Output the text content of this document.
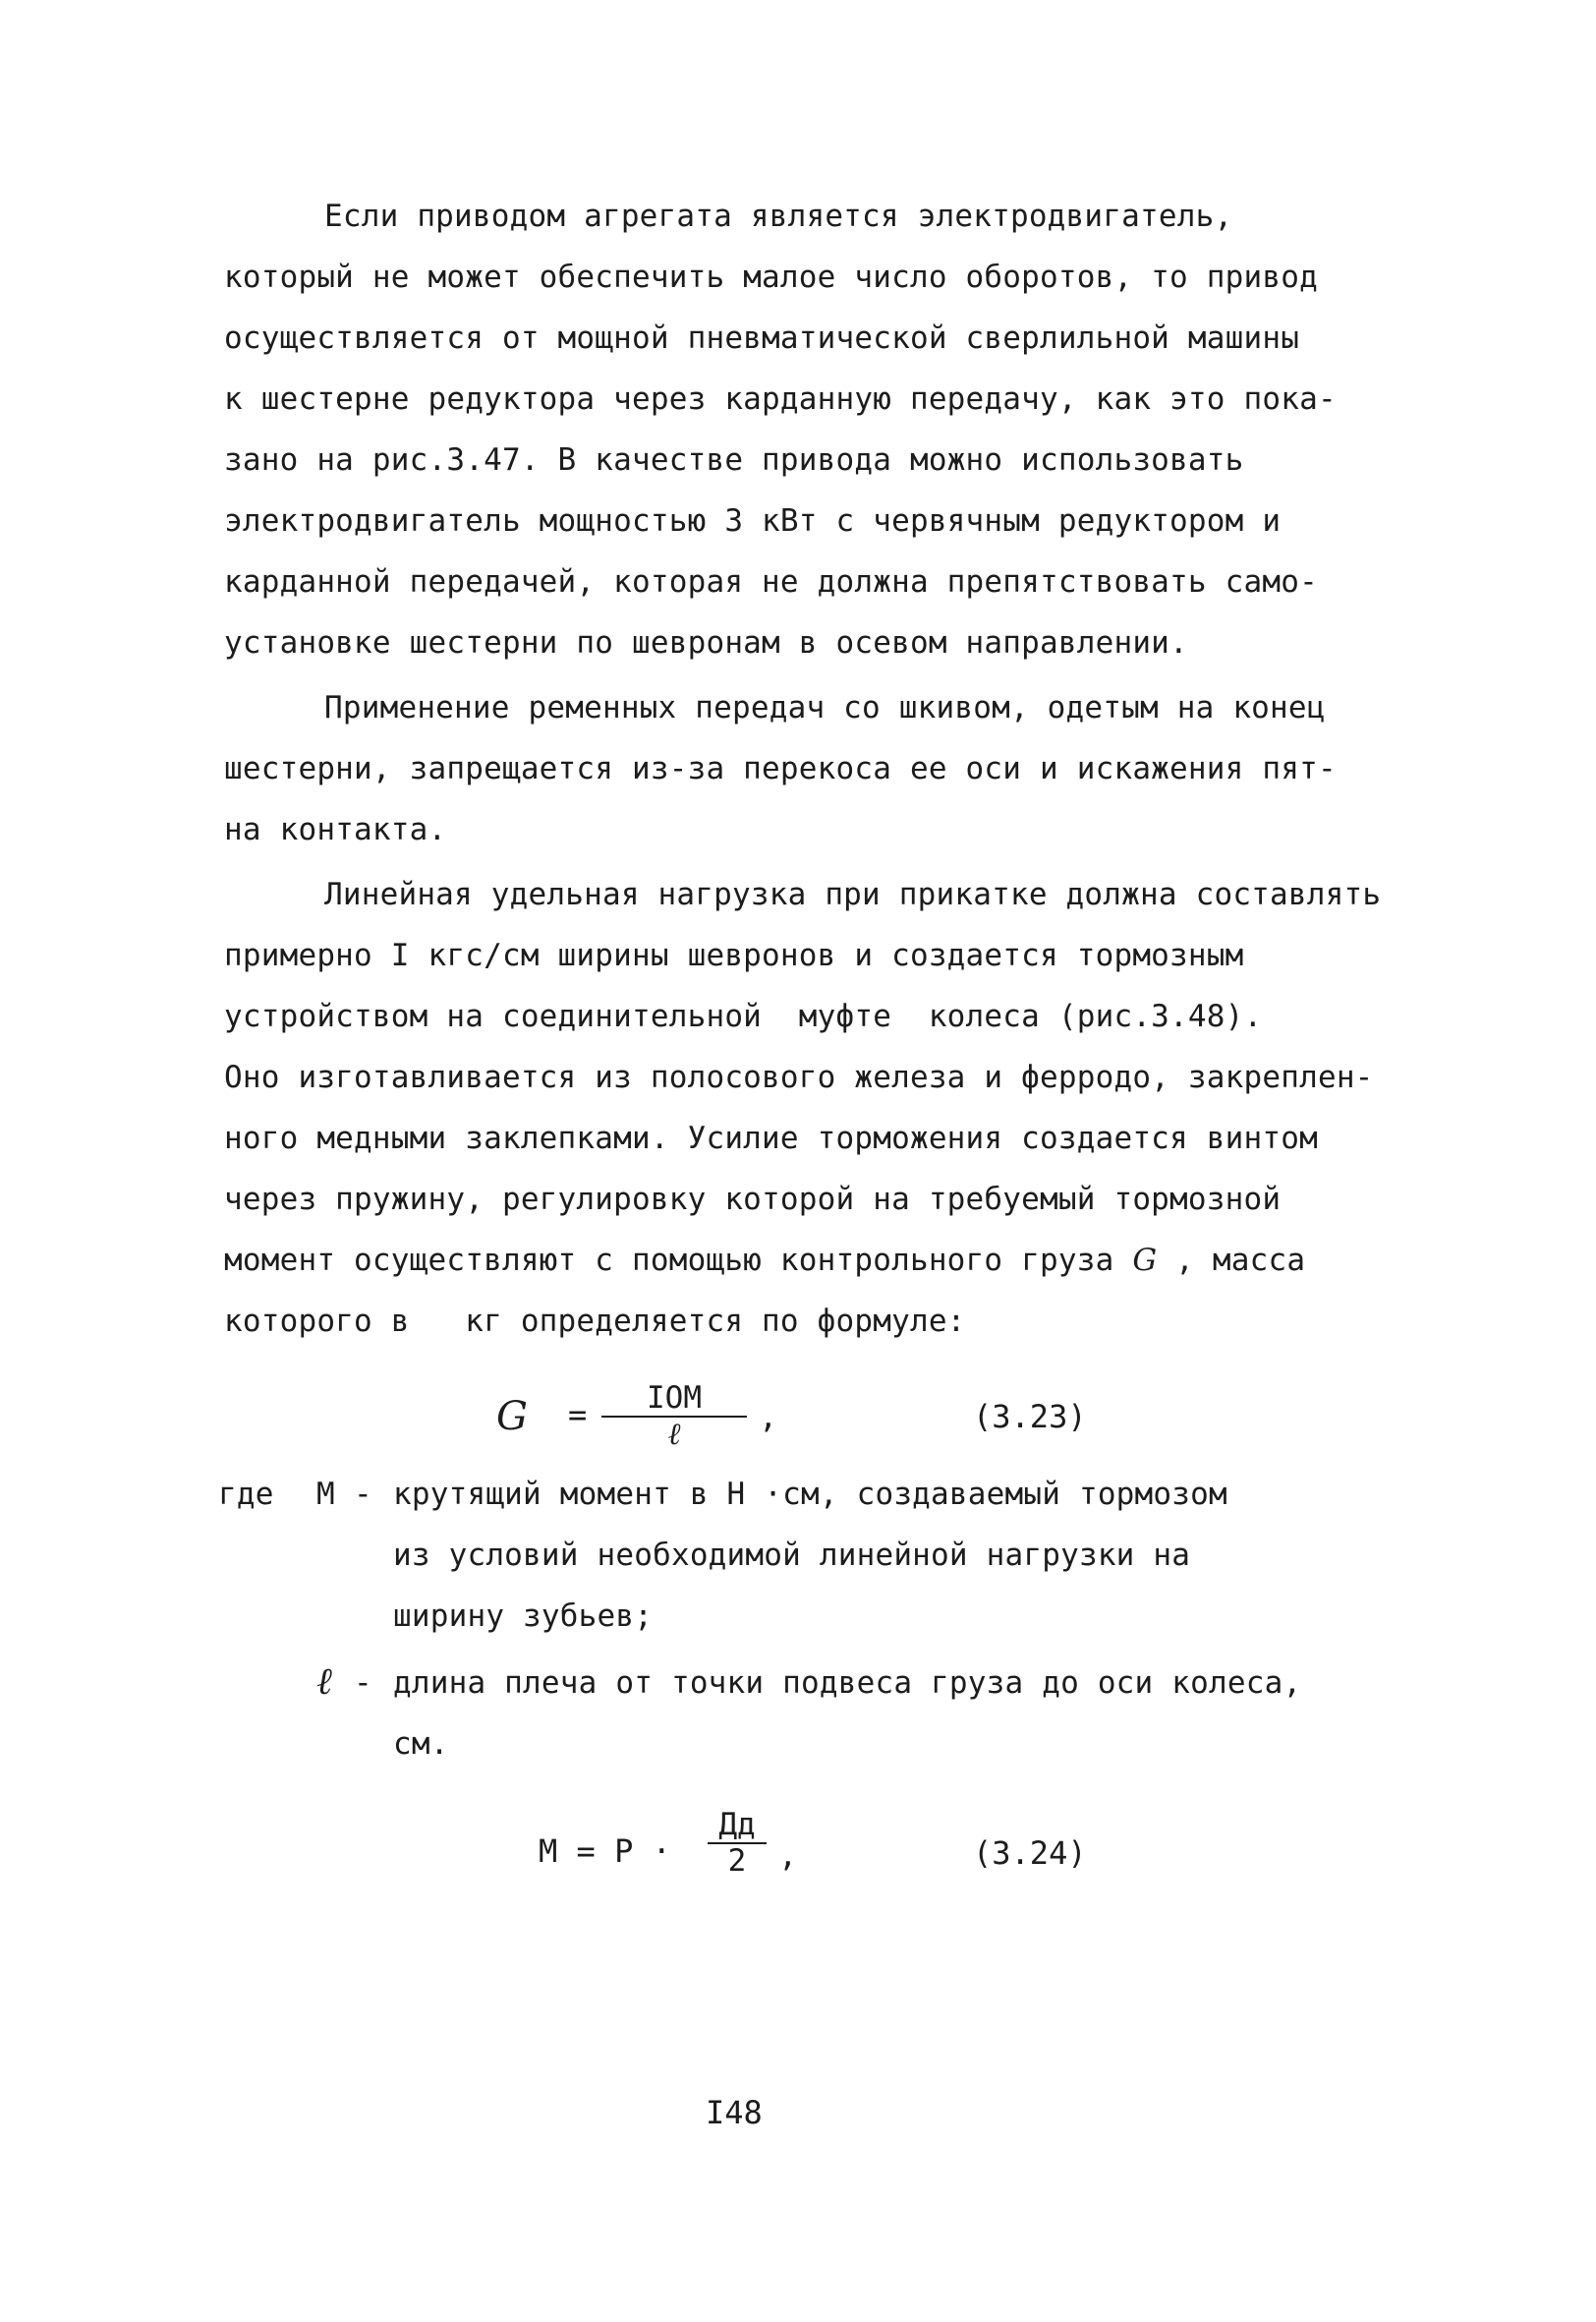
Если приводом агрегата является электродвигатель,
который не может обеспечить малое число оборотов, то привод
осуществляется от мощной пневматической сверлильной машины
к шестерне редуктора через карданную передачу, как это пока-
зано на рис.3.47. В качестве привода можно использовать
электродвигатель мощностью 3 кВт с червячным редуктором и
карданной передачей, которая не должна препятствовать само-
установке шестерни по шевронам в осевом направлении.
Применение ременных передач со шкивом, одетым на конец
шестерни, запрещается из-за перекоса ее оси и искажения пят-
на контакта.
Линейная удельная нагрузка при прикатке должна составлять
примерно I кгс/см ширины шевронов и создается тормозным
устройством на соединительной  муфте  колеса (рис.3.48).
Оно изготавливается из полосового железа и ферродо, закреплен-
ного медными заклепками. Усилие торможения создается винтом
через пружину, регулировку которой на требуемый тормозной
момент осуществляют с помощью контрольного груза G , масса
которого в   кг определяется по формуле:
G = IOM
ℓ ,	(3.23)
где М - крутящий момент в Н ·см, создаваемый тормозом
из условий необходимой линейной нагрузки на
ширину зубьев;
ℓ - длина плеча от точки подвеса груза до оси колеса,
см.
М = Р ·
Дд
2 ,	(3.24)
I48
